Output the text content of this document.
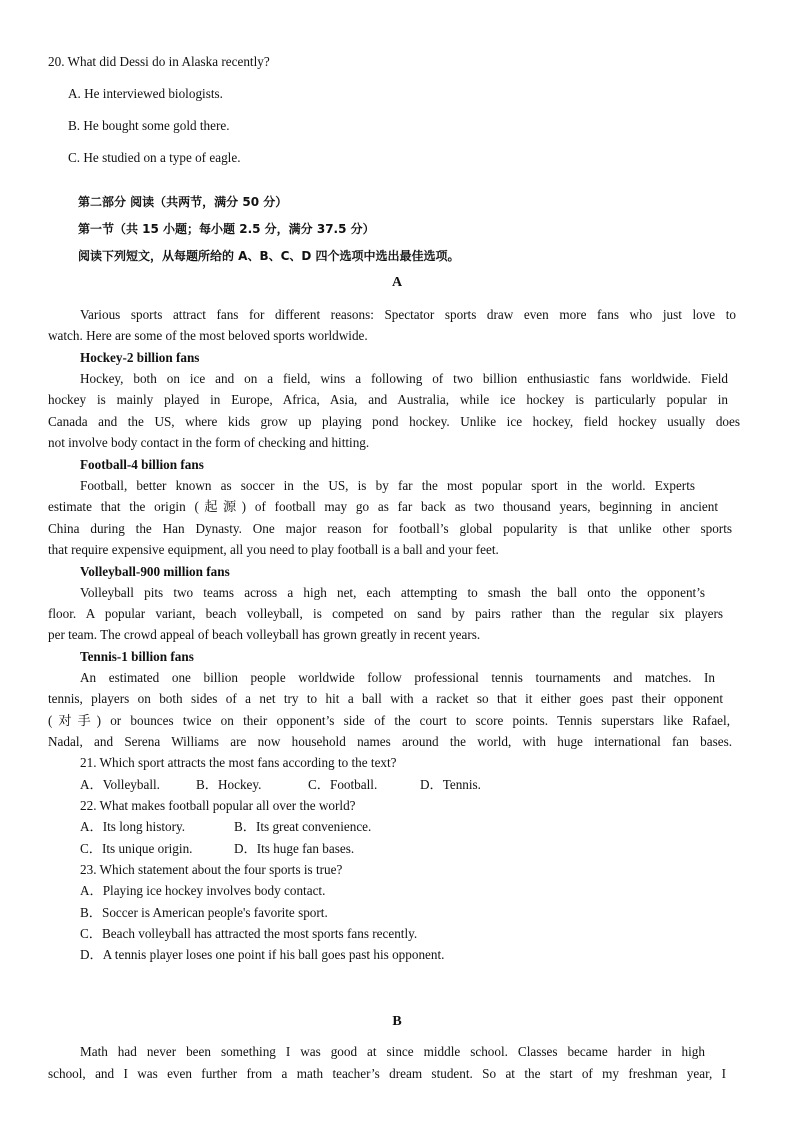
20. What did Dessi do in Alaska recently?
A. He interviewed biologists.
B. He bought some gold there.
C. He studied on a type of eagle.
第二部分 阅读（共两节，满分 50 分）
第一节（共 15 小题；每小题 2.5 分，满分 37.5 分）
阅读下列短文，从每题所给的 A、B、C、D 四个选项中选出最佳选项。
A
Various sports attract fans for different reasons: Spectator sports draw even more fans who just love to
watch. Here are some of the most beloved sports worldwide.
Hockey-2 billion fans
Hockey, both on ice and on a field, wins a following of two billion enthusiastic fans worldwide. Field
hockey is mainly played in Europe, Africa, Asia, and Australia, while ice hockey is particularly popular in
Canada and the US, where kids grow up playing pond hockey. Unlike ice hockey, field hockey usually does
not involve body contact in the form of checking and hitting.
Football-4 billion fans
Football, better known as soccer in the US, is by far the most popular sport in the world. Experts
estimate that the origin (起源) of football may go as far back as two thousand years, beginning in ancient
China during the Han Dynasty. One major reason for football’s global popularity is that unlike other sports
that require expensive equipment, all you need to play football is a ball and your feet.
Volleyball-900 million fans
Volleyball pits two teams across a high net, each attempting to smash the ball onto the opponent’s
floor. A popular variant, beach volleyball, is competed on sand by pairs rather than the regular six players
per team. The crowd appeal of beach volleyball has grown greatly in recent years.
Tennis-1 billion fans
An estimated one billion people worldwide follow professional tennis tournaments and matches. In
tennis, players on both sides of a net try to hit a ball with a racket so that it either goes past their opponent
(对手) or bounces twice on their opponent’s side of the court to score points. Tennis superstars like Rafael,
Nadal, and Serena Williams are now household names around the world, with huge international fan bases.
21. Which sport attracts the most fans according to the text?
A．Volleyball.	B．Hockey.	C．Football.	D．Tennis.
22. What makes football popular all over the world?
A．Its long history.	B．Its great convenience.
C．Its unique origin.	D．Its huge fan bases.
23. Which statement about the four sports is true?
A．Playing ice hockey involves body contact.
B．Soccer is American people's favorite sport.
C．Beach volleyball has attracted the most sports fans recently.
D．A tennis player loses one point if his ball goes past his opponent.
B
Math had never been something I was good at since middle school. Classes became harder in high
school, and I was even further from a math teacher’s dream student. So at the start of my freshman year, I
